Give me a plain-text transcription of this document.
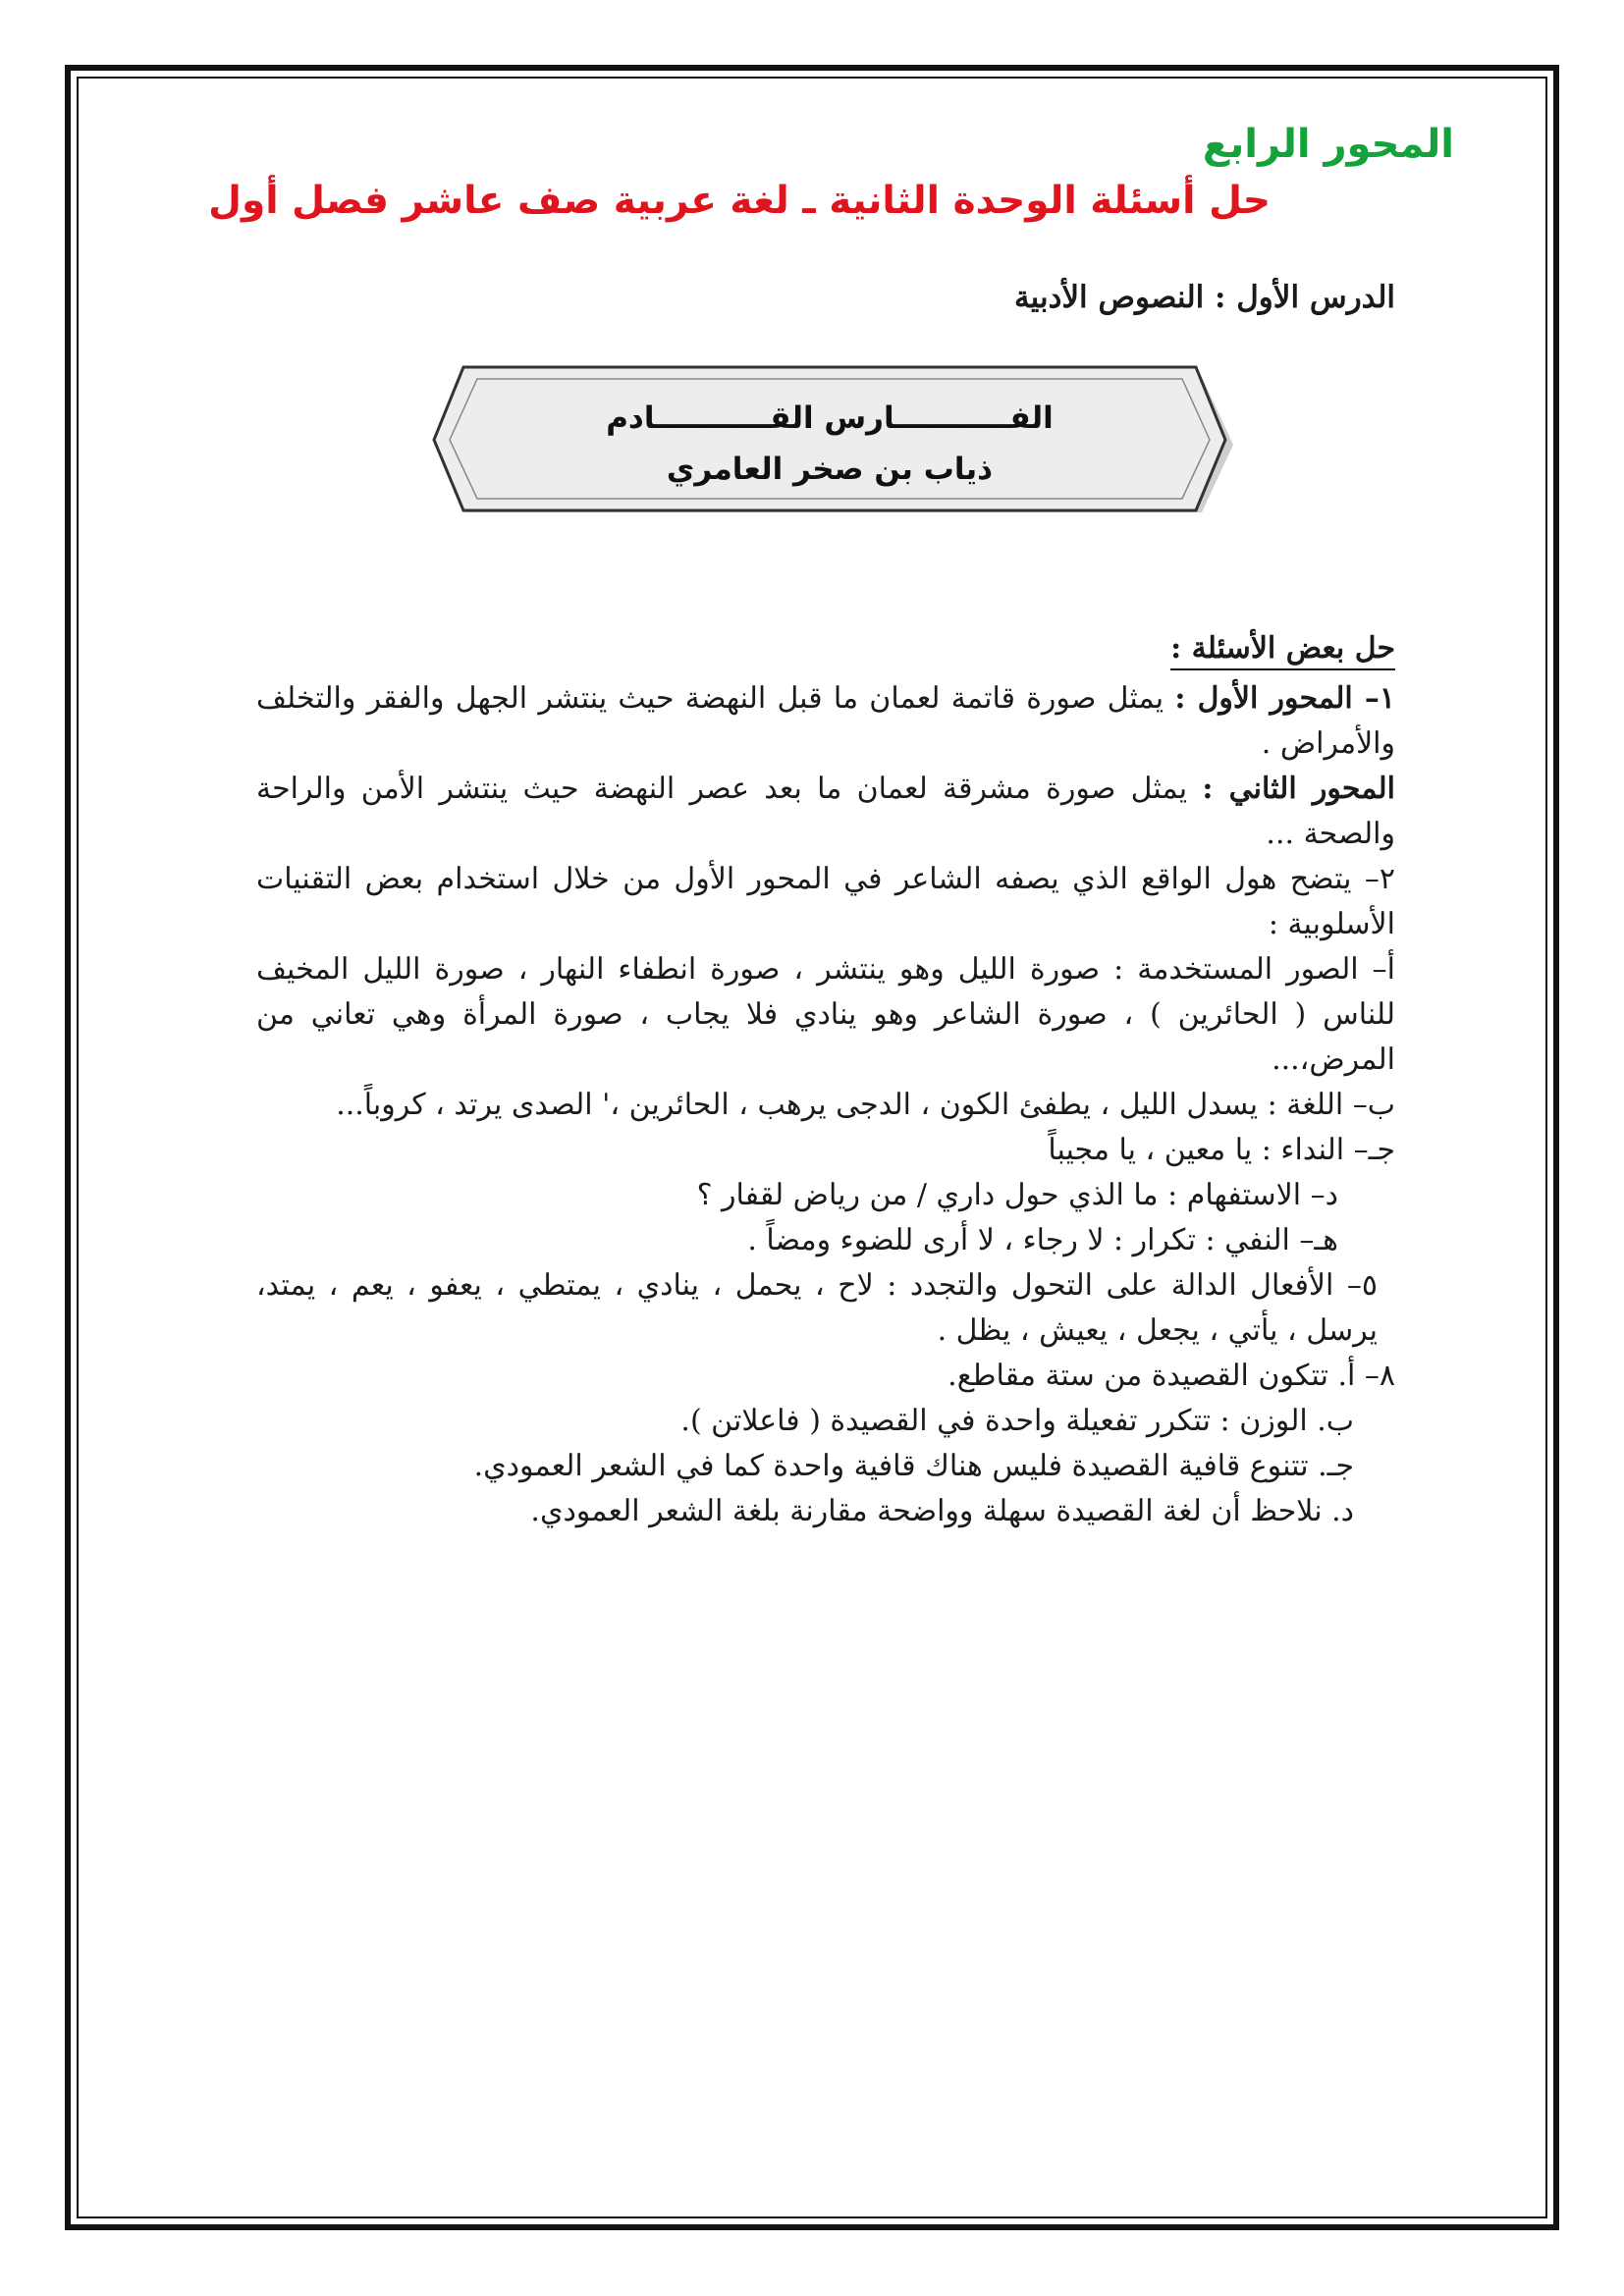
المحور الرابع
حل أسئلة الوحدة الثانية ـ لغة عربية صف عاشر فصل أول
الدرس الأول : النصوص الأدبية
الفـــــــــــارس القـــــــــــادم
ذياب بن صخر العامري

حل بعض الأسئلة :

١– المحور الأول : يمثل صورة قاتمة لعمان ما قبل النهضة حيث ينتشر الجهل والفقر والتخلف والأمراض .

المحور الثاني : يمثل صورة مشرقة لعمان ما بعد عصر النهضة حيث ينتشر الأمن والراحة والصحة ...

٢– يتضح هول الواقع الذي يصفه الشاعر في المحور الأول من خلال استخدام بعض التقنيات الأسلوبية :

أ– الصور المستخدمة : صورة الليل وهو ينتشر ، صورة انطفاء النهار ، صورة الليل المخيف للناس ( الحائرين ) ، صورة الشاعر وهو ينادي فلا يجاب ، صورة المرأة وهي تعاني من المرض،...

ب– اللغة : يسدل الليل ، يطفئ الكون ، الدجى يرهب ، الحائرين ،' الصدى يرتد ، كروباً...

جـ– النداء : يا معين ، يا مجيباً

د– الاستفهام : ما الذي حول داري / من رياض لقفار ؟

هـ– النفي : تكرار : لا رجاء ، لا أرى للضوء ومضاً .

٥– الأفعال الدالة على التحول والتجدد : لاح ، يحمل ، ينادي ، يمتطي ، يعفو ، يعم ، يمتد، يرسل ، يأتي ، يجعل ، يعيش ، يظل .

٨– أ. تتكون القصيدة من ستة مقاطع.

ب. الوزن : تتكرر تفعيلة واحدة في القصيدة ( فاعلاتن ).

جـ. تتنوع قافية القصيدة فليس هناك قافية واحدة كما في الشعر العمودي.

د. نلاحظ أن لغة القصيدة سهلة وواضحة مقارنة بلغة الشعر العمودي.
